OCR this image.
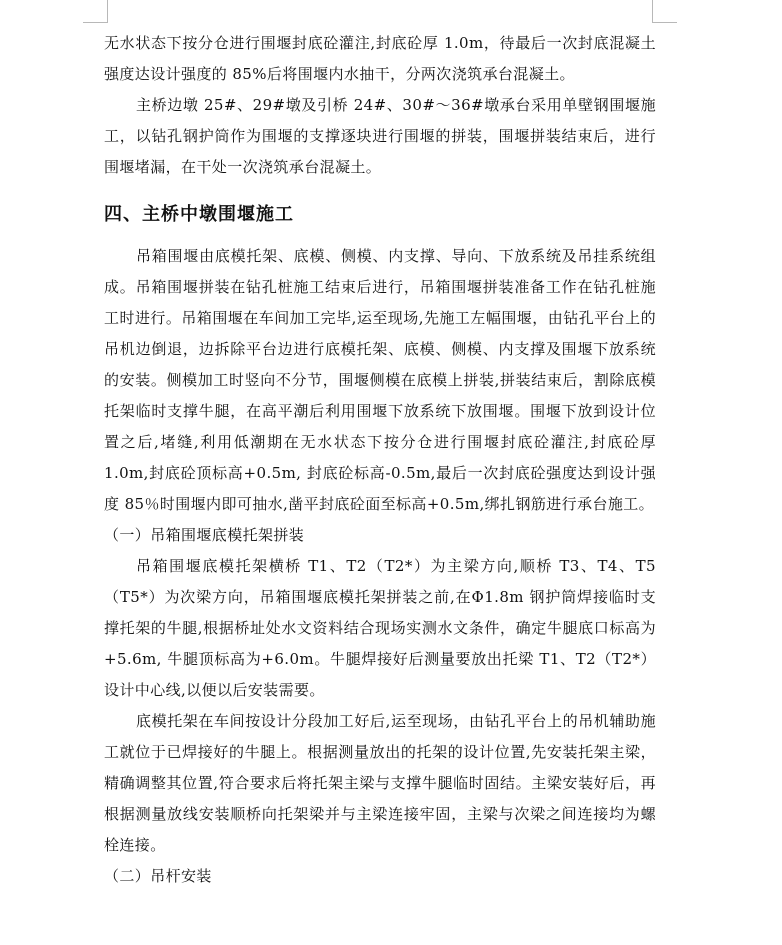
无水状态下按分仓进行围堰封底砼灌注,封底砼厚 1.0m，待最后一次封底混凝土强度达设计强度的 85%后将围堰内水抽干，分两次浇筑承台混凝土。

主桥边墩 25#、29#墩及引桥 24#、30#～36#墩承台采用单壁钢围堰施工，以钻孔钢护筒作为围堰的支撑逐块进行围堰的拼装，围堰拼装结束后，进行围堰堵漏，在干处一次浇筑承台混凝土。

四、主桥中墩围堰施工

吊箱围堰由底模托架、底模、侧模、内支撑、导向、下放系统及吊挂系统组成。吊箱围堰拼装在钻孔桩施工结束后进行，吊箱围堰拼装准备工作在钻孔桩施工时进行。吊箱围堰在车间加工完毕,运至现场,先施工左幅围堰，由钻孔平台上的吊机边倒退，边拆除平台边进行底模托架、底模、侧模、内支撑及围堰下放系统的安装。侧模加工时竖向不分节，围堰侧模在底模上拼装,拼装结束后，割除底模托架临时支撑牛腿，在高平潮后利用围堰下放系统下放围堰。围堰下放到设计位置之后,堵缝,利用低潮期在无水状态下按分仓进行围堰封底砼灌注,封底砼厚 1.0m,封底砼顶标高+0.5m, 封底砼标高-0.5m,最后一次封底砼强度达到设计强度 85％时围堰内即可抽水,凿平封底砼面至标高+0.5m,绑扎钢筋进行承台施工。

（一）吊箱围堰底模托架拼装

吊箱围堰底模托架横桥 T1、T2（T2*）为主梁方向,顺桥 T3、T4、T5（T5*）为次梁方向，吊箱围堰底模托架拼装之前,在Φ1.8m 钢护筒焊接临时支撑托架的牛腿,根据桥址处水文资料结合现场实测水文条件，确定牛腿底口标高为+5.6m, 牛腿顶标高为+6.0m。牛腿焊接好后测量要放出托梁 T1、T2（T2*）设计中心线,以便以后安装需要。

底模托架在车间按设计分段加工好后,运至现场，由钻孔平台上的吊机辅助施工就位于已焊接好的牛腿上。根据测量放出的托架的设计位置,先安装托架主梁，精确调整其位置,符合要求后将托架主梁与支撑牛腿临时固结。主梁安装好后，再根据测量放线安装顺桥向托架梁并与主梁连接牢固，主梁与次梁之间连接均为螺栓连接。

（二）吊杆安装
